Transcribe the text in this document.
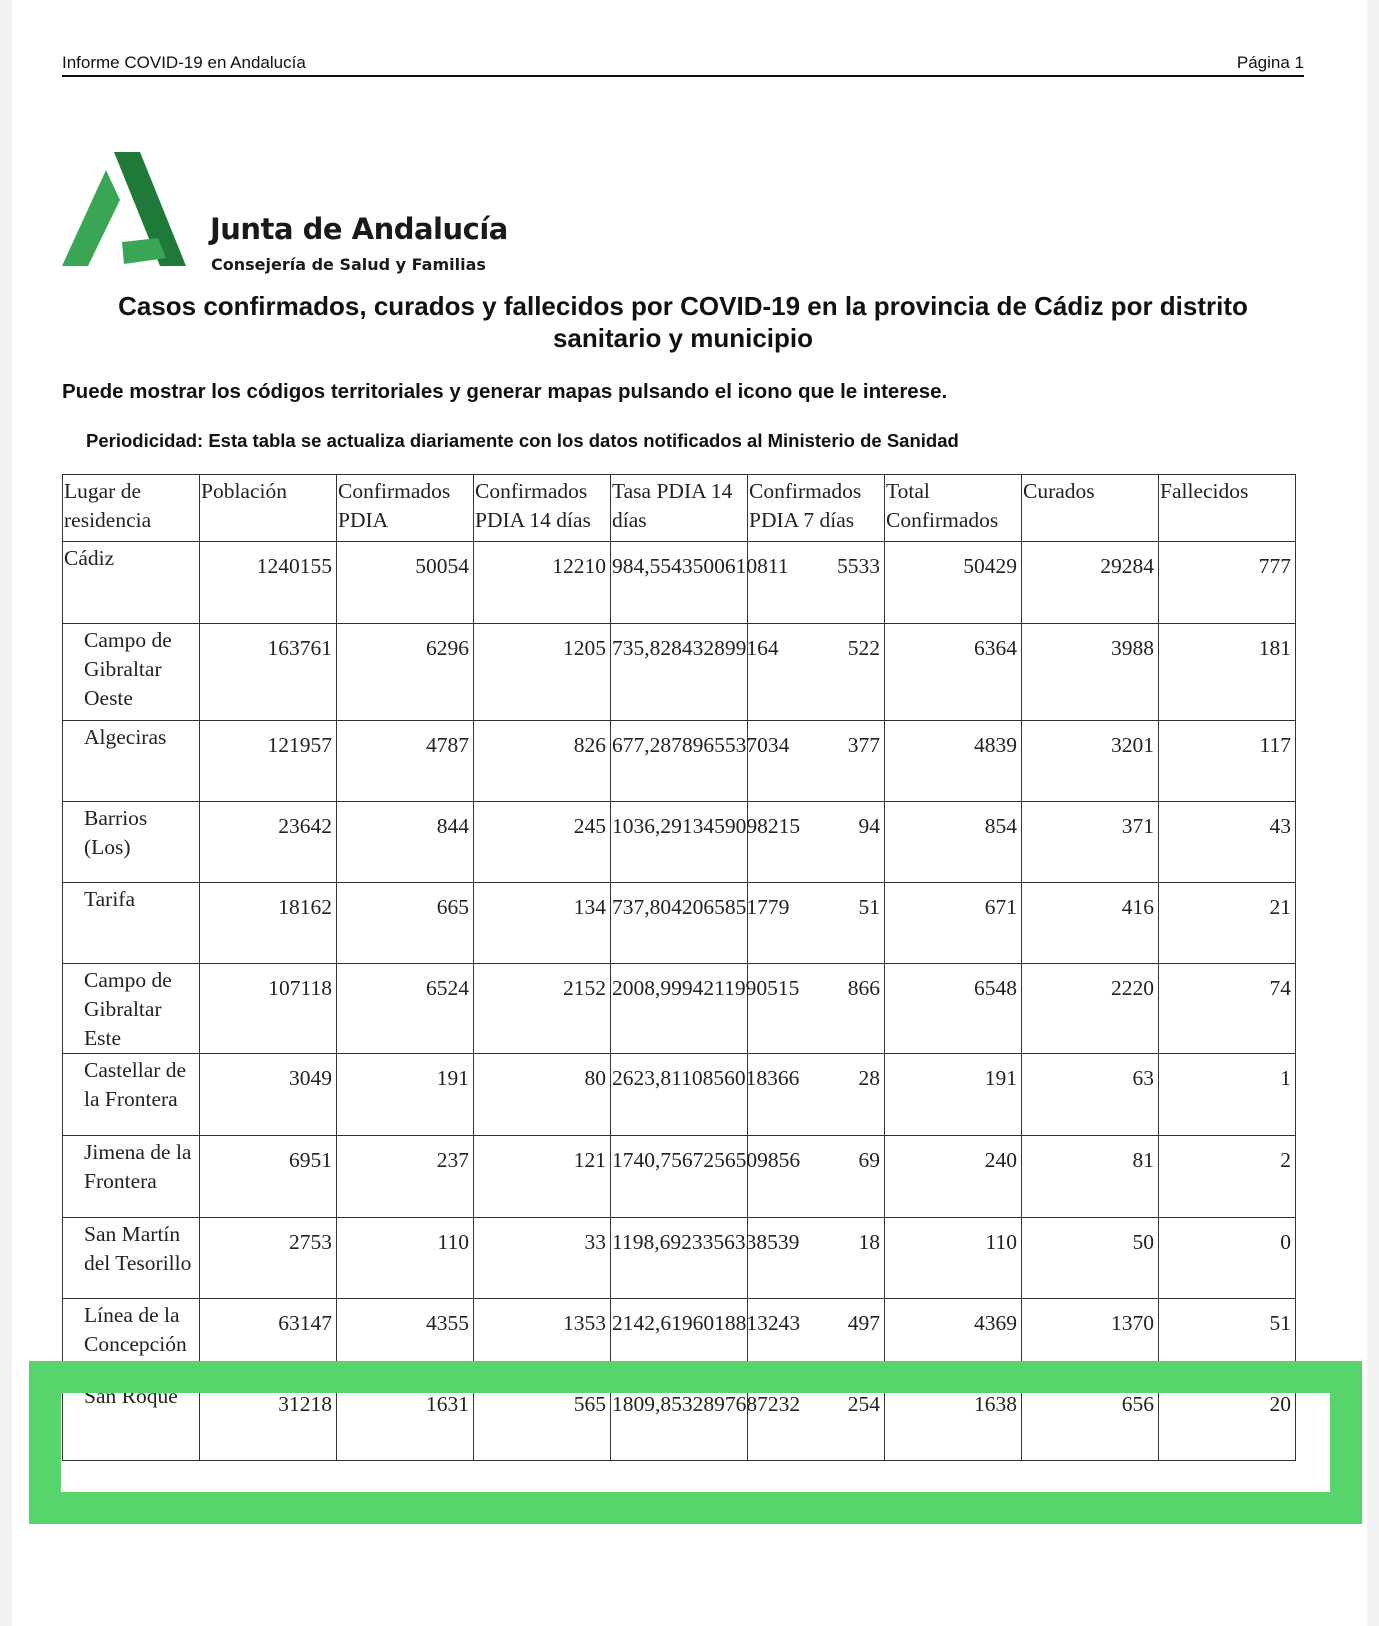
Informe COVID-19 en Andalucía	Página 1
Junta de Andalucía
Consejería de Salud y Familias
Casos confirmados, curados y fallecidos por COVID-19 en la provincia de Cádiz por distrito sanitario y municipio
Puede mostrar los códigos territoriales y generar mapas pulsando el icono que le interese.
Periodicidad: Esta tabla se actualiza diariamente con los datos notificados al Ministerio de Sanidad
Lugar de residencia	Población	Confirmados PDIA	Confirmados PDIA 14 días	Tasa PDIA 14 días	Confirmados PDIA 7 días	Total Confirmados	Curados	Fallecidos
Cádiz	1240155	50054	12210	984,5543500610811	5533	50429	29284	777
Campo de Gibraltar Oeste	163761	6296	1205	735,828432899164	522	6364	3988	181
Algeciras	121957	4787	826	677,2878965537034	377	4839	3201	117
Barrios (Los)	23642	844	245	1036,2913459098215	94	854	371	43
Tarifa	18162	665	134	737,8042065851779	51	671	416	21
Campo de Gibraltar Este	107118	6524	2152	2008,9994211990515	866	6548	2220	74
Castellar de la Frontera	3049	191	80	2623,8110856018366	28	191	63	1
Jimena de la Frontera	6951	237	121	1740,7567256509856	69	240	81	2
San Martín del Tesorillo	2753	110	33	1198,6923356338539	18	110	50	0
Línea de la Concepción	63147	4355	1353	2142,6196018813243	497	4369	1370	51
San Roque	31218	1631	565	1809,8532897687232	254	1638	656	20
